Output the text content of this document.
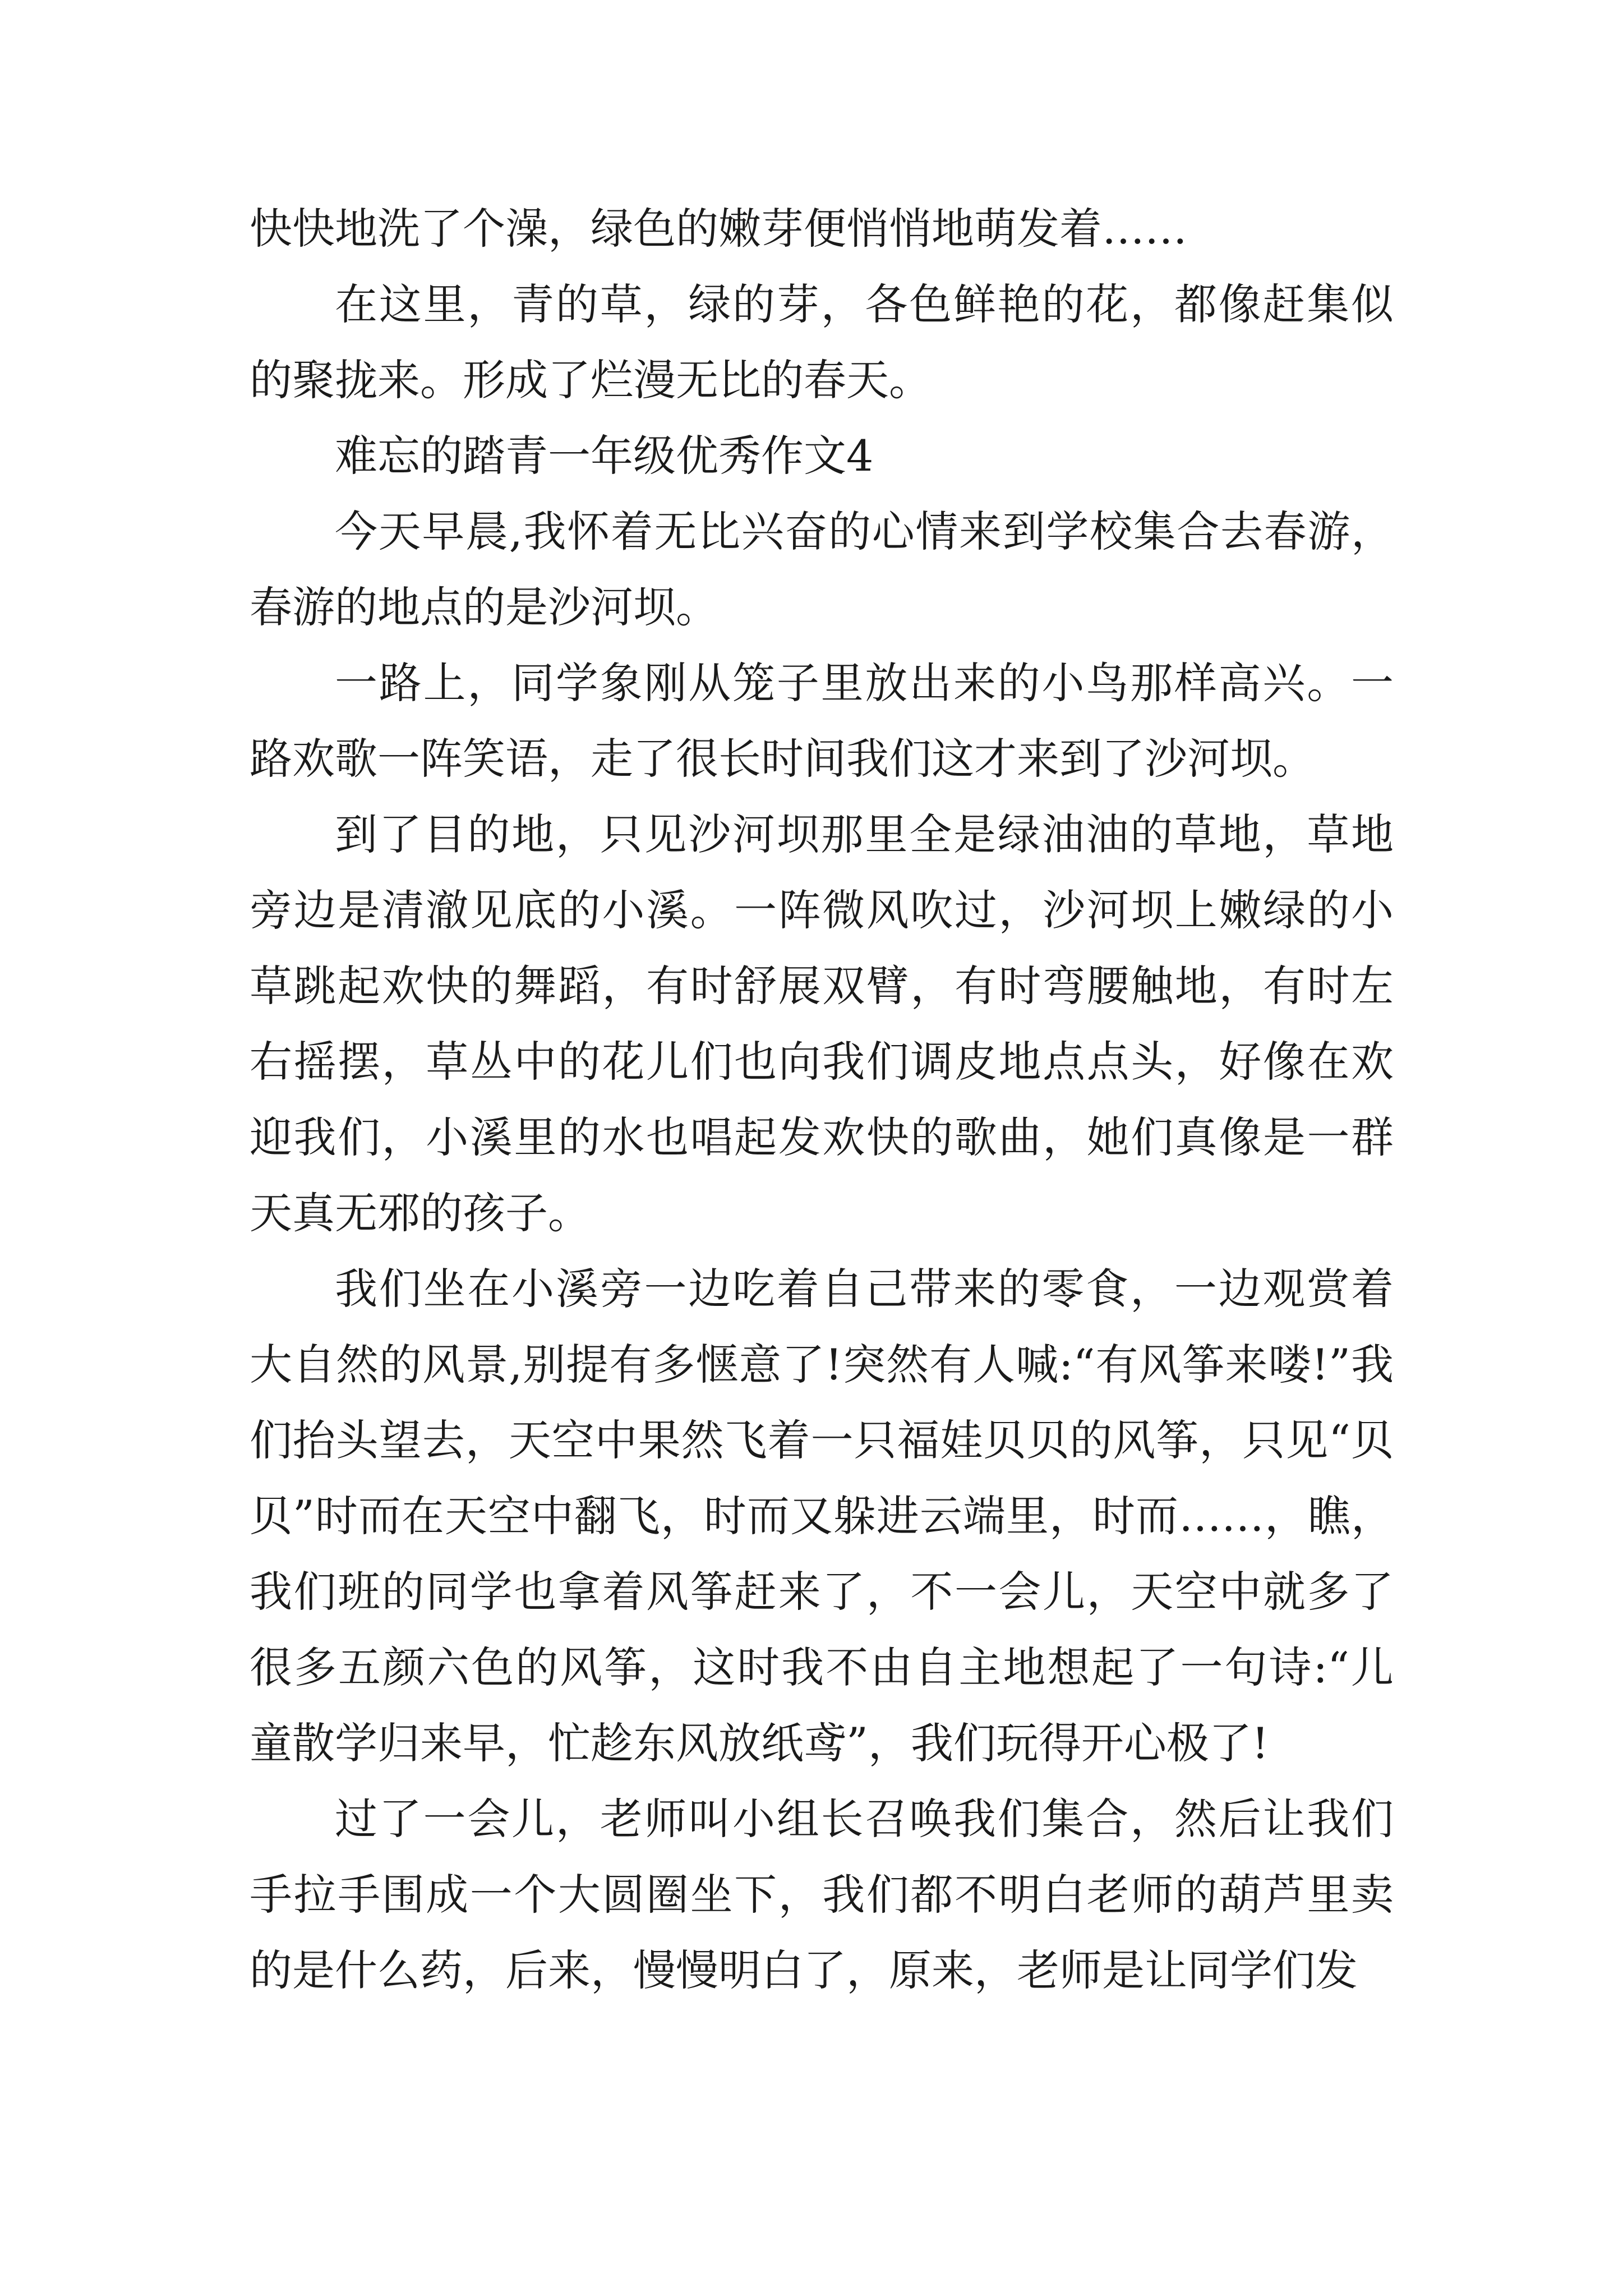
快快地洗了个澡，绿色的嫩芽便悄悄地萌发着……

在这里，青的草，绿的芽，各色鲜艳的花，都像赶集似的聚拢来。形成了烂漫无比的春天。

难忘的踏青一年级优秀作文4

今天早晨,我怀着无比兴奋的心情来到学校集合去春游，春游的地点的是沙河坝。

一路上，同学象刚从笼子里放出来的小鸟那样高兴。一路欢歌一阵笑语，走了很长时间我们这才来到了沙河坝。

到了目的地，只见沙河坝那里全是绿油油的草地，草地旁边是清澈见底的小溪。一阵微风吹过，沙河坝上嫩绿的小草跳起欢快的舞蹈，有时舒展双臂，有时弯腰触地，有时左右摇摆，草丛中的花儿们也向我们调皮地点点头，好像在欢迎我们，小溪里的水也唱起发欢快的歌曲，她们真像是一群天真无邪的孩子。

我们坐在小溪旁一边吃着自己带来的零食，一边观赏着大自然的风景,别提有多惬意了!突然有人喊:“有风筝来喽!”我们抬头望去，天空中果然飞着一只福娃贝贝的风筝，只见“贝贝”时而在天空中翻飞，时而又躲进云端里，时而……，瞧，我们班的同学也拿着风筝赶来了，不一会儿，天空中就多了很多五颜六色的风筝，这时我不由自主地想起了一句诗:“儿童散学归来早，忙趁东风放纸鸢”，我们玩得开心极了!

过了一会儿，老师叫小组长召唤我们集合，然后让我们手拉手围成一个大圆圈坐下，我们都不明白老师的葫芦里卖的是什么药，后来，慢慢明白了，原来，老师是让同学们发
